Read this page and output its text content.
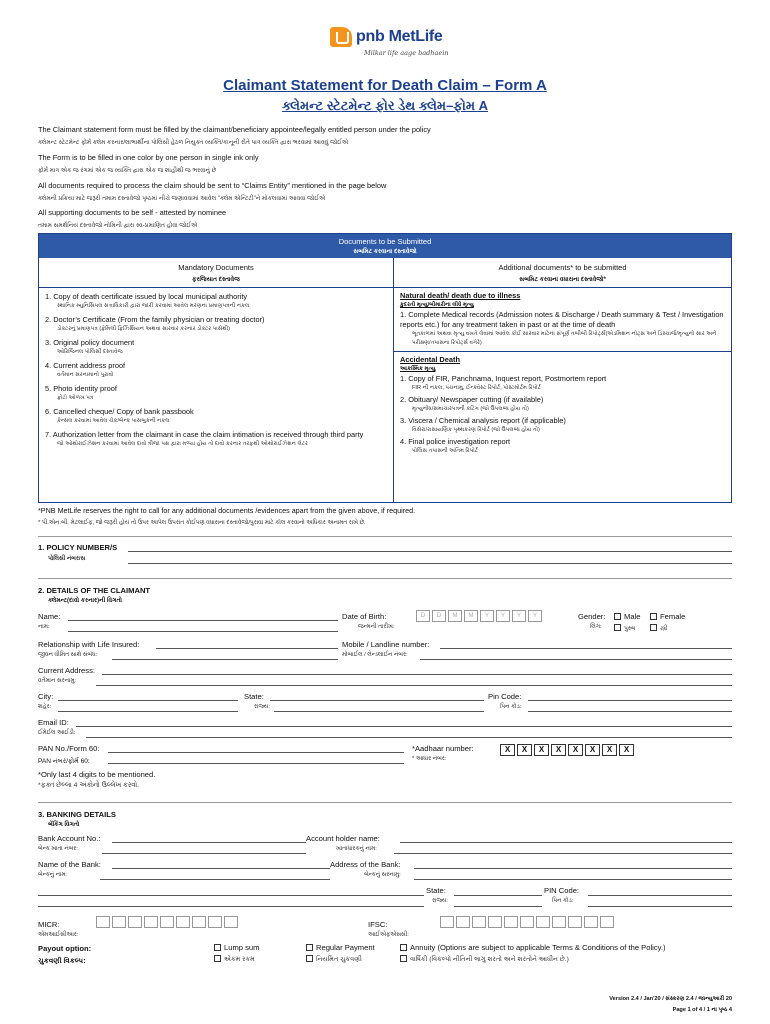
pnb MetLife
Milkar life aage badhaein
Claimant Statement for Death Claim – Form A
ક્લેમન્ટ સ્ટેટમેન્ટ ફોર ડેથ ક્લેમ–ફોમ A
The Claimant statement form must be filled by the claimant/beneficiary appointee/legally entitled person under the policy
ક્લેમન્ટ સ્ટેટમેન્ટ ફોર્મ ક્લેમ કરનાર/લાભાર્થીના પોલિસી હેઠળ નિયુક્ત વ્યક્તિ/કાનૂની રીતે પાત્ર વ્યક્તિ દ્વારા ભરવામાં આવવું જોઈએ
The Form is to be filled in one color by one person in single ink only
ફોર્મ માત્ર એક જ રંગમાં એક જ વ્યક્તિ દ્વારા એક જ શાહીથી જ ભરવાનું છે
All documents required to process the claim should be sent to “Claims Entity” mentioned in the page below
ક્લેમની પ્રક્રિયા માટે જરૂરી તમામ દસ્તાવેજો પૃષ્ઠમાં નીચે જણાવવામાં આવેલ "ક્લેમ એન્ટિટી"ને મોકલવામાં આવવા જોઈએ
All supporting documents to be self - attested by nominee
તમામ સમર્થનિય દસ્તાવેજો નોમિની દ્વારા સ્વ-પ્રમાણિત હોવા જોઈએ
Documents to be Submitted
સબમિટ કરવાના દસ્તાવેજો
Mandatory Documents
ફરજિયાત દસ્તાવેજ
1. Copy of death certificate issued by local municipal authority
સ્થાનિક મ્યુનિસિપલ સત્તાધિકારી દ્વારા જારી કરવામાં આવેલ મરણના પ્રમાણપત્રની નકલ
2. Doctor’s Certificate (From the family physician or treating doctor)
ડોક્ટરનું પ્રમાણપત્ર (ફેમિલી ફિઝિશિયન અથવા સારવાર કરનાર ડોક્ટર પાસેથી)
3. Original policy document
ઓરિજિનલ પોલિસી દસ્તાવેજ
4. Current address proof
વર્તમાન સરનામાનો પુરાવો
5. Photo identity proof
ફોટો ઓળખ પત્ર
6. Cancelled cheque/ Copy of bank passbook
કેન્સલ કરવામાં આવેલ ચેક/બેન્ક પાસબુકની નકલ
7. Authorization letter from the claimant in case the claim intimation is received through third party
જો ઓથોરાઈઝેશન કરવામાં આવેલ દાવો ત્રીજા પક્ષ દ્વારા મળ્યા હોય તો દાવો કરનાર તરફથી ઓથોરાઈઝેશન લેટર
Additional documents* to be submitted
સબમિટ કરવાના વધારાના દસ્તાવેજો*
Natural death/ death due to illness
કુદરતી મૃત્યુ/બીમારીના લીધે મૃત્યુ
1. Complete Medical records (Admission notes & Discharge / Death summary & Test / Investigation reports etc.) for any treatment taken in past or at the time of death
ભૂતકાળમાં અથવા મૃત્યુ વખતે લેવામાં આવેલ કોઈ સારવાર માટેના સંપૂર્ણ તબીબી રિપોર્ટ્સ(એડમિશન નોટ્સ અને ડિસ્ચાર્જ/મૃત્યુનો સાર અને પરીક્ષણ/તપાસના રિપોર્ટ્સ વગેરે)
Accidental Death
આકસ્મિક મૃત્યુ
1. Copy of FIR, Panchnama, Inquest report, Postmortem report
FIR ની નકલ, પંચનામુ, ઈન્ક્વેસ્ટ રિપોર્ટ, પોસ્ટમોર્ટમ રિપોર્ટ
2. Obituary/ Newspaper cutting (if available)
મૃત્યુનોંધ/સમાચારપત્રની કટિંગ (જો ઉપલબ્ધ હોય તો)
3. Viscera / Chemical analysis report (if applicable)
વિસેરા/રાસાયણિક પૃથ્થકરણ રિપોર્ટ (જો ઉપલબ્ધ હોય તો)
4. Final police investigation report
પોલિસ તપાસની અંતિમ રિપોર્ટ
*PNB MetLife reserves the right to call for any additional documents /evidences apart from the given above, if required.
* પી.એન.બી. મેટલાઈફ, જો જરૂરી હોય તો ઉપર આપેલ ઉપરાંત કોઈપણ વધારાના દસ્તાવેજો/પુરાવા માટે કૉલ કરવાનો અધિકાર અનામત રાખે છે.
1. POLICY NUMBER/S
પોલિસી નંબર/સ
2. DETAILS OF THE CLAIMANT
ક્લેમન્ટ(દાવો કરનાર)ની વિગતો
Name:
નામ:
Date of Birth:
જન્મની તારીખ:
D	D	M	M	Y	Y	Y	Y	Gender:	Male	Female
લિંગ:	પુરુષ	સ્ત્રી
Relationship with Life Insured:
જીવન વીમિત સાથે સંબંધ:
Mobile / Landline number:
મોબાઈલ / લેન્ડલાઈન નંબર:
Current Address:
વર્તમાન સરનામુ:
City:
શહેર:
State:
રાજ્ય:
Pin Code:
પિન કોડ:
Email ID:
ઈમેઈલ આઈડી:
PAN No./Form 60:
PAN નંબર/ફોર્મ 60:
*Aadhaar number:
* આધાર નંબર:
X	X	X	X	X	X	X	X
*Only last 4 digits to be mentioned.
*ફક્ત છેલ્લા 4 અંકોનો ઉલ્લેખ કરવો.
3. BANKING DETAILS
બેંકિંગ વિગતો
Bank Account No.:
બેન્ક ખાતા નંબર:
Account holder name:
ખાતાધારકનું નામ:
Name of the Bank:
બેન્કનું નામ:
Address of the Bank:
બેન્કનું સરનામુ:
State:	PIN Code:
રાજ્ય:	પિન કોડ:
MICR:
એમઆઈસીઆર:
IFSC:
આઈએફએસસી:
Payout option:
ચુકવણી વિકલ્પ:
Lump sum
એકમ રકમ
Regular Payment
નિયમિત ચુકવણી
Annuity (Options are subject to applicable Terms & Conditions of the Policy.)
વાર્ષિકી (વિકલ્પો નીતિની લાગુ શરતો અને શરતોને આધીન છે.)
Version 2.4 / Jan'20 / સંસ્કરણ 2.4 / જાન્યુઆરી 20
Page 1 of 4 / 1 ના પૃષ્ઠ 4
